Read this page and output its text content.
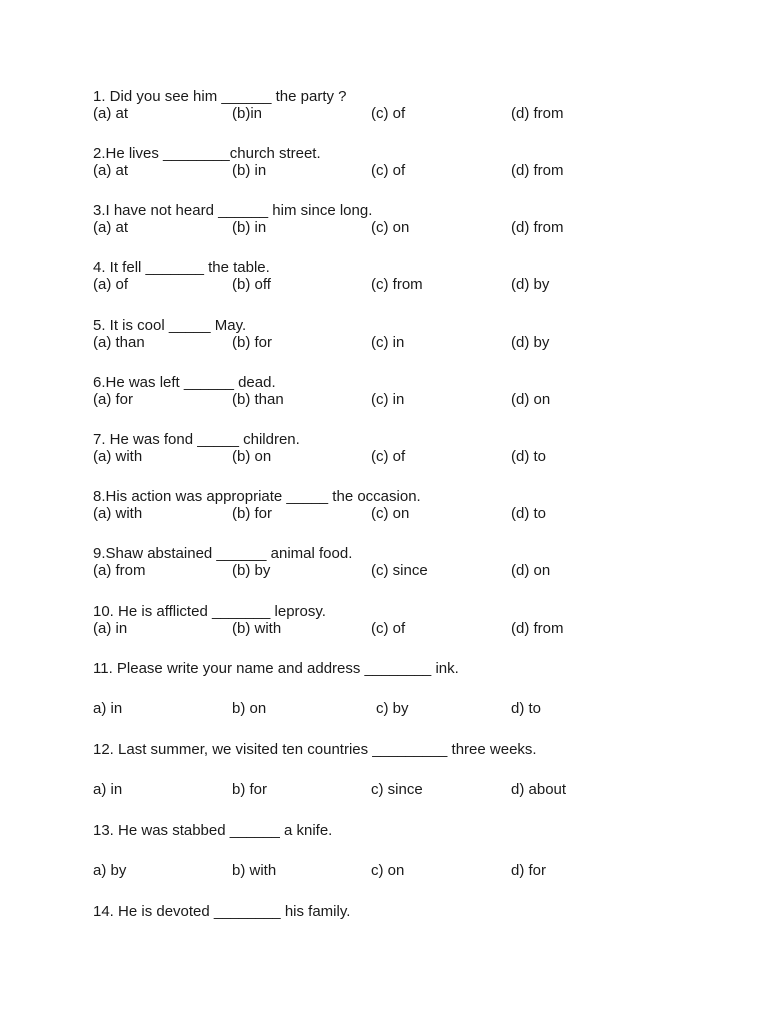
1. Did you see him ______ the party ?
(a) at	(b)in	(c) of	(d) from
2.He lives ________church street.
(a) at	(b) in	(c) of	(d) from
3.I have not heard ______ him since long.
(a) at	(b) in	(c) on	(d) from
4. It fell _______ the table.
(a) of	(b) off	(c) from	(d) by
5. It is cool _____ May.
(a) than	(b) for	(c) in	(d) by
6.He was left ______ dead.
(a) for	(b) than	(c) in	(d) on
7. He was fond _____ children.
(a) with	(b) on	(c) of	(d) to
8.His action was appropriate _____ the occasion.
(a) with	(b) for	(c) on	(d) to
9.Shaw abstained ______ animal food.
(a) from	(b) by	(c) since	(d) on
10. He is afflicted _______ leprosy.
(a) in	(b) with	(c) of	(d) from
11. Please write your name and address ________ ink.
a) in	b) on	c) by	d) to
12. Last summer, we visited ten countries _________ three weeks.
a) in	b) for	c) since	d) about
13. He was stabbed ______ a knife.
a) by	b) with	c) on	d) for
14. He is devoted ________ his family.
